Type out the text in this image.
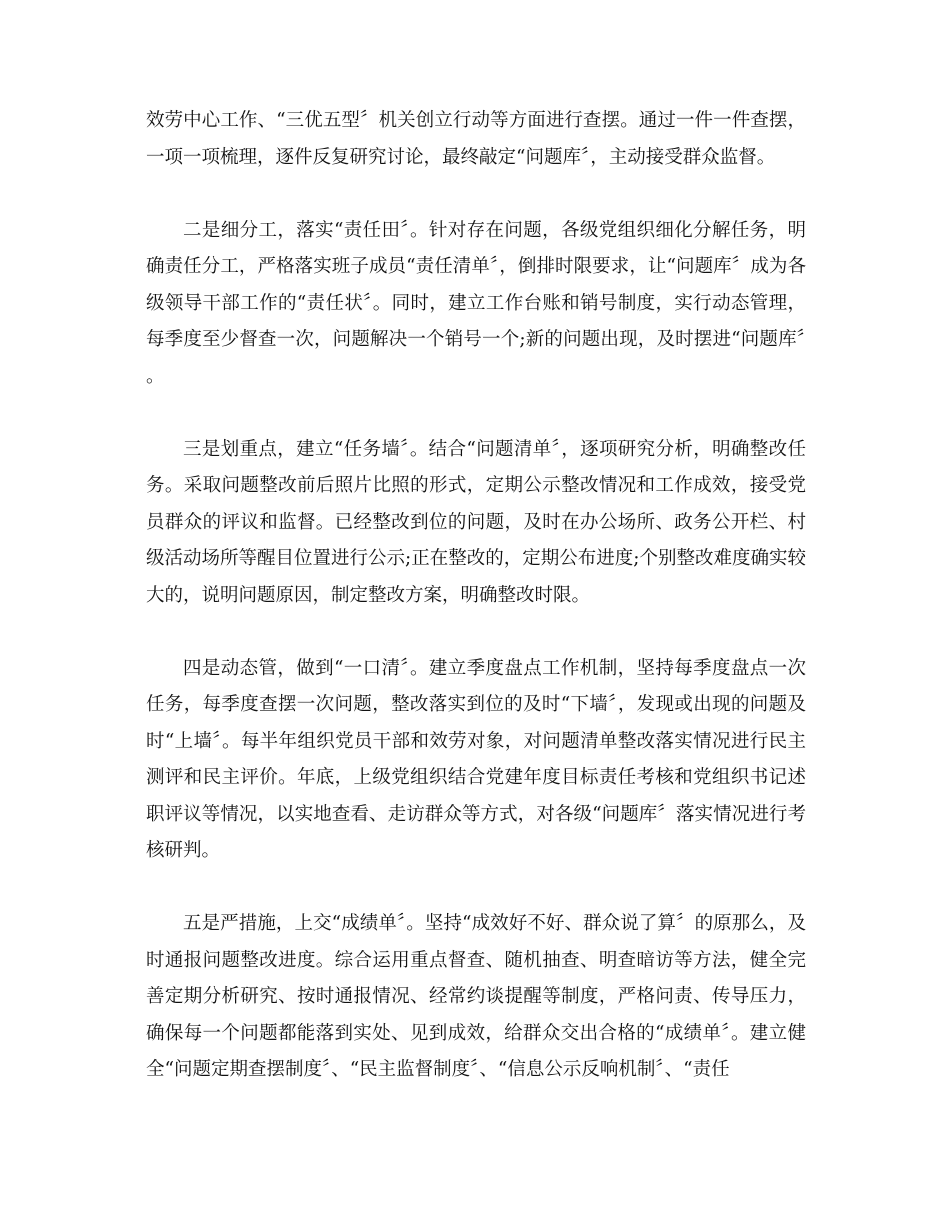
效劳中心工作、“三优五型〞机关创立行动等方面进行查摆。通过一件一件查摆，一项一项梳理，逐件反复研究讨论，最终敲定“问题库〞，主动接受群众监督。

二是细分工，落实“责任田〞。针对存在问题，各级党组织细化分解任务，明确责任分工，严格落实班子成员“责任清单〞，倒排时限要求，让“问题库〞成为各级领导干部工作的“责任状〞。同时，建立工作台账和销号制度，实行动态管理，每季度至少督查一次，问题解决一个销号一个;新的问题出现，及时摆进“问题库〞。

三是划重点，建立“任务墙〞。结合“问题清单〞，逐项研究分析，明确整改任务。采取问题整改前后照片比照的形式，定期公示整改情况和工作成效，接受党员群众的评议和监督。已经整改到位的问题，及时在办公场所、政务公开栏、村级活动场所等醒目位置进行公示;正在整改的，定期公布进度;个别整改难度确实较大的，说明问题原因，制定整改方案，明确整改时限。

四是动态管，做到“一口清〞。建立季度盘点工作机制，坚持每季度盘点一次任务，每季度查摆一次问题，整改落实到位的及时“下墙〞，发现或出现的问题及时“上墙〞。每半年组织党员干部和效劳对象，对问题清单整改落实情况进行民主测评和民主评价。年底，上级党组织结合党建年度目标责任考核和党组织书记述职评议等情况，以实地查看、走访群众等方式，对各级“问题库〞落实情况进行考核研判。

五是严措施，上交“成绩单〞。坚持“成效好不好、群众说了算〞的原那么，及时通报问题整改进度。综合运用重点督查、随机抽查、明查暗访等方法，健全完善定期分析研究、按时通报情况、经常约谈提醒等制度，严格问责、传导压力，确保每一个问题都能落到实处、见到成效，给群众交出合格的“成绩单〞。建立健全“问题定期查摆制度〞、“民主监督制度〞、“信息公示反响机制〞、“责任
